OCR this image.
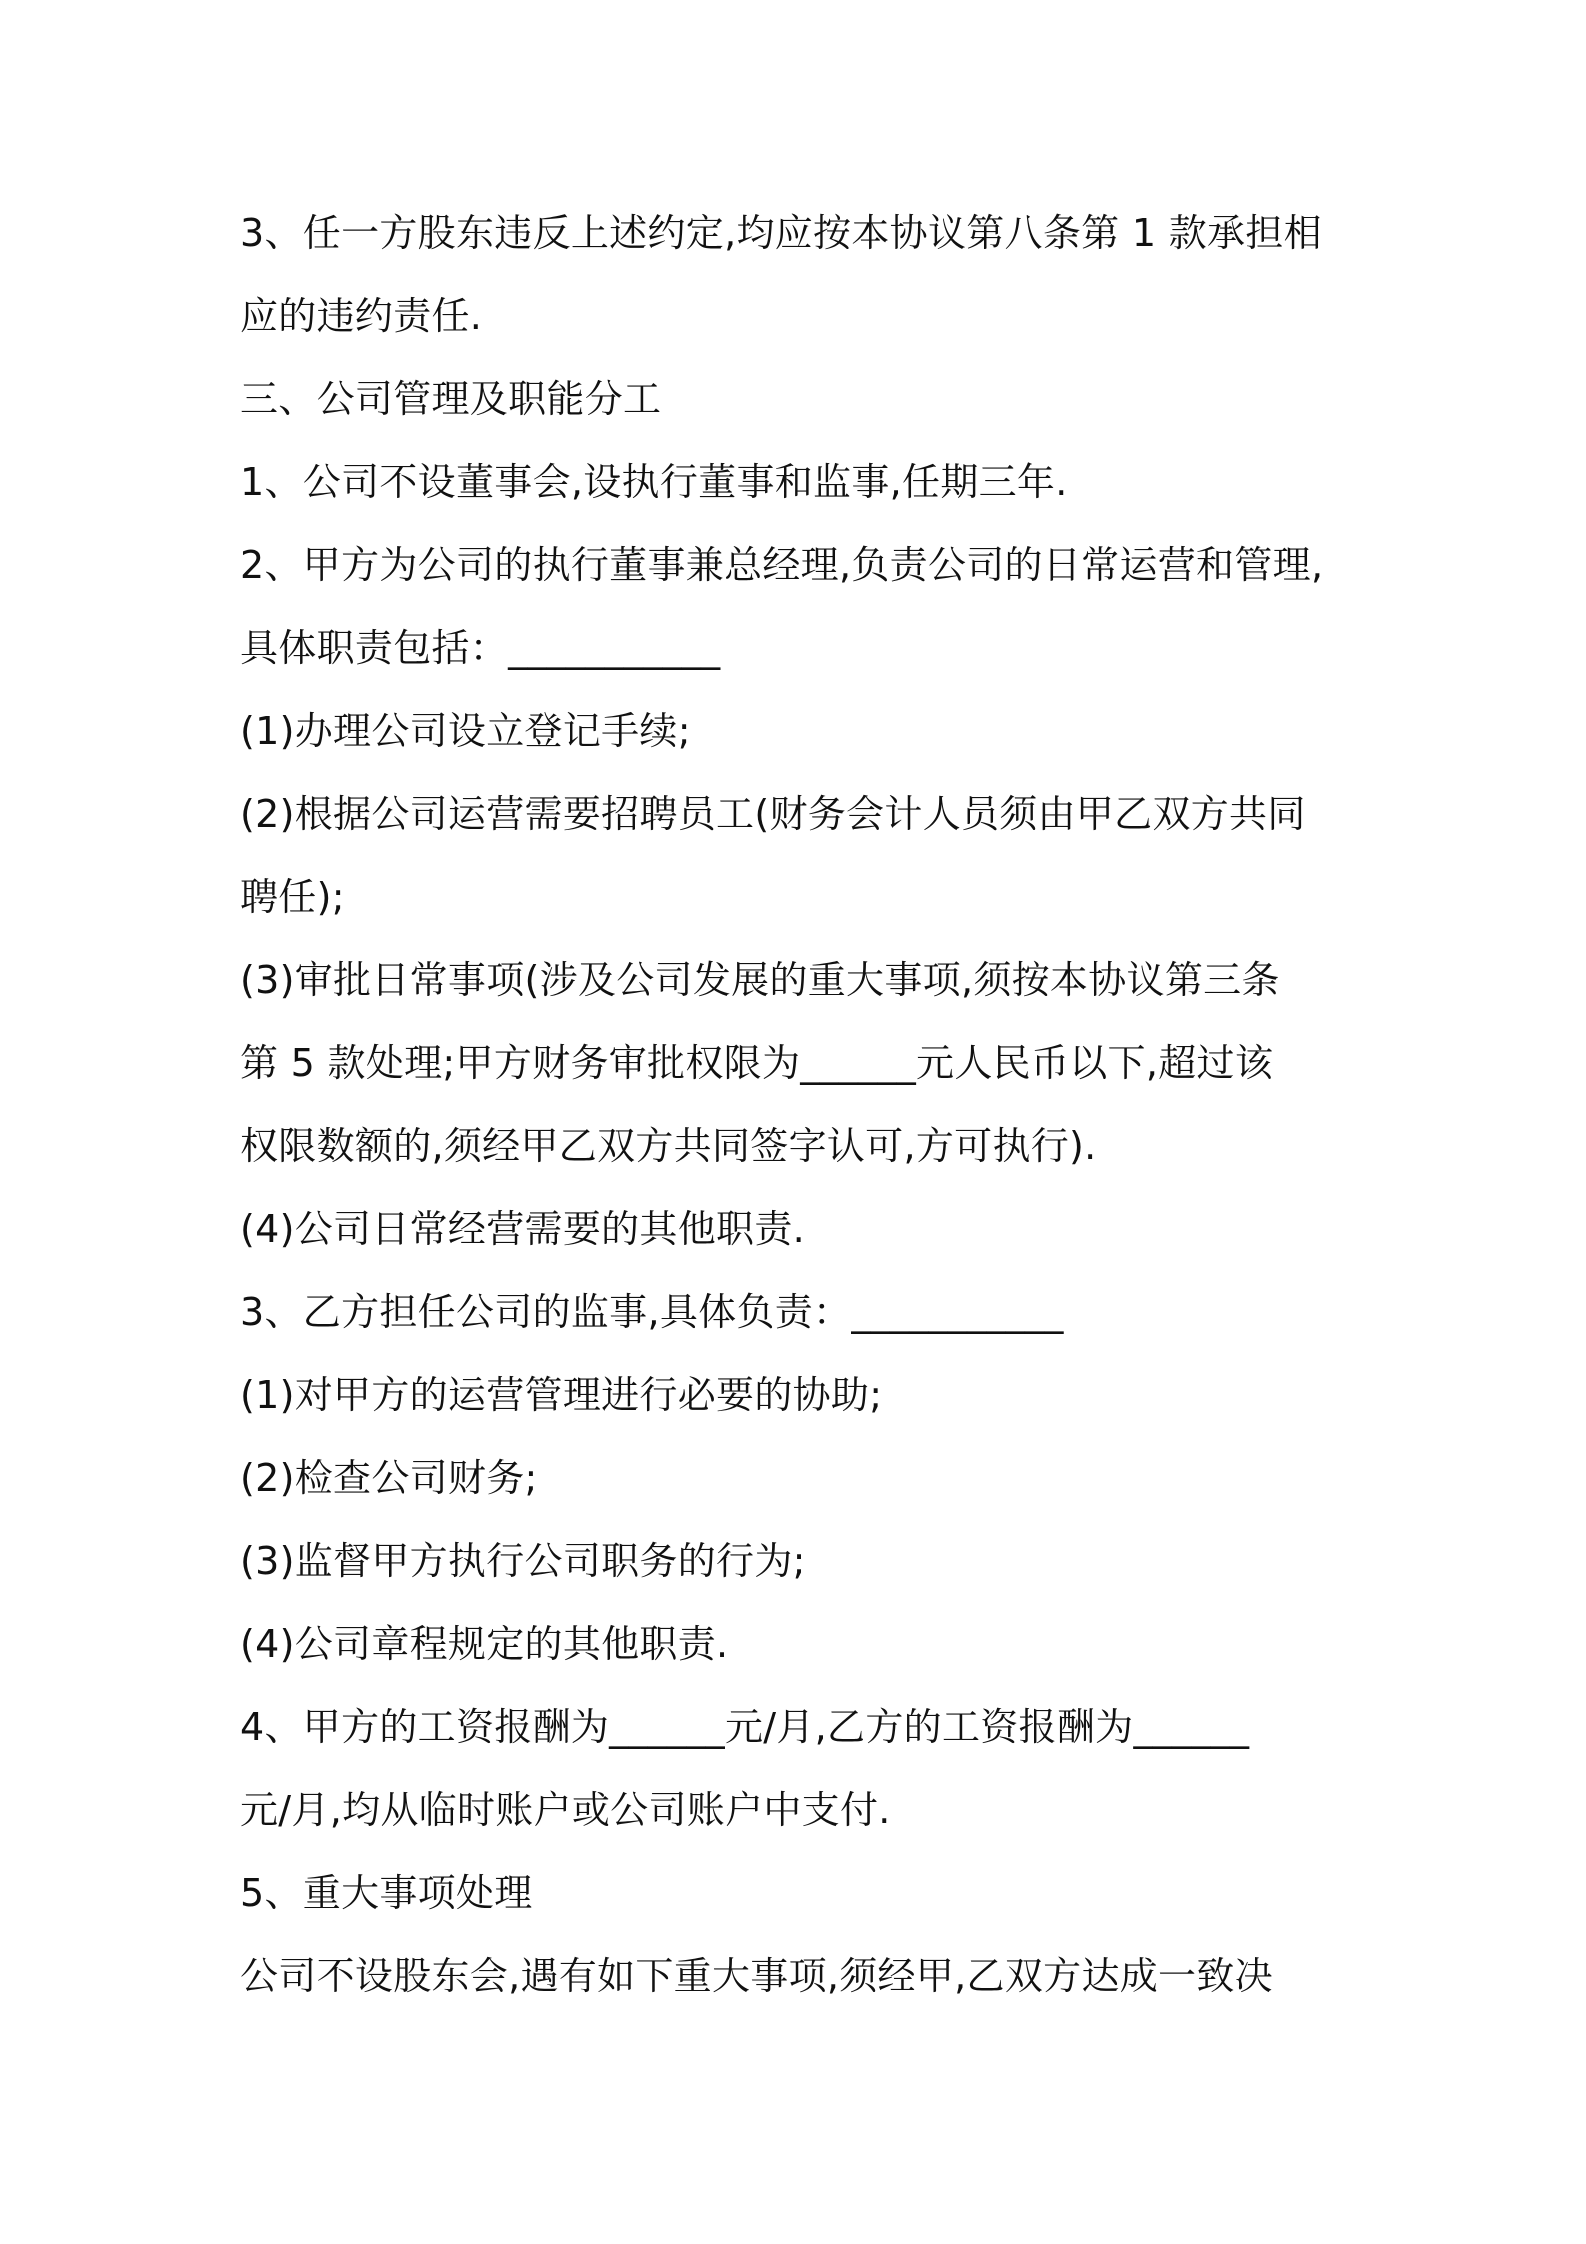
3、任一方股东违反上述约定,均应按本协议第八条第 1 款承担相
应的违约责任.
三、公司管理及职能分工
1、公司不设董事会,设执行董事和监事,任期三年.
2、甲方为公司的执行董事兼总经理,负责公司的日常运营和管理,
具体职责包括：___________
(1)办理公司设立登记手续;
(2)根据公司运营需要招聘员工(财务会计人员须由甲乙双方共同
聘任);
(3)审批日常事项(涉及公司发展的重大事项,须按本协议第三条
第 5 款处理;甲方财务审批权限为______元人民币以下,超过该
权限数额的,须经甲乙双方共同签字认可,方可执行).
(4)公司日常经营需要的其他职责.
3、乙方担任公司的监事,具体负责：___________
(1)对甲方的运营管理进行必要的协助;
(2)检查公司财务;
(3)监督甲方执行公司职务的行为;
(4)公司章程规定的其他职责.
4、甲方的工资报酬为______元/月,乙方的工资报酬为______
元/月,均从临时账户或公司账户中支付.
5、重大事项处理
公司不设股东会,遇有如下重大事项,须经甲,乙双方达成一致决
